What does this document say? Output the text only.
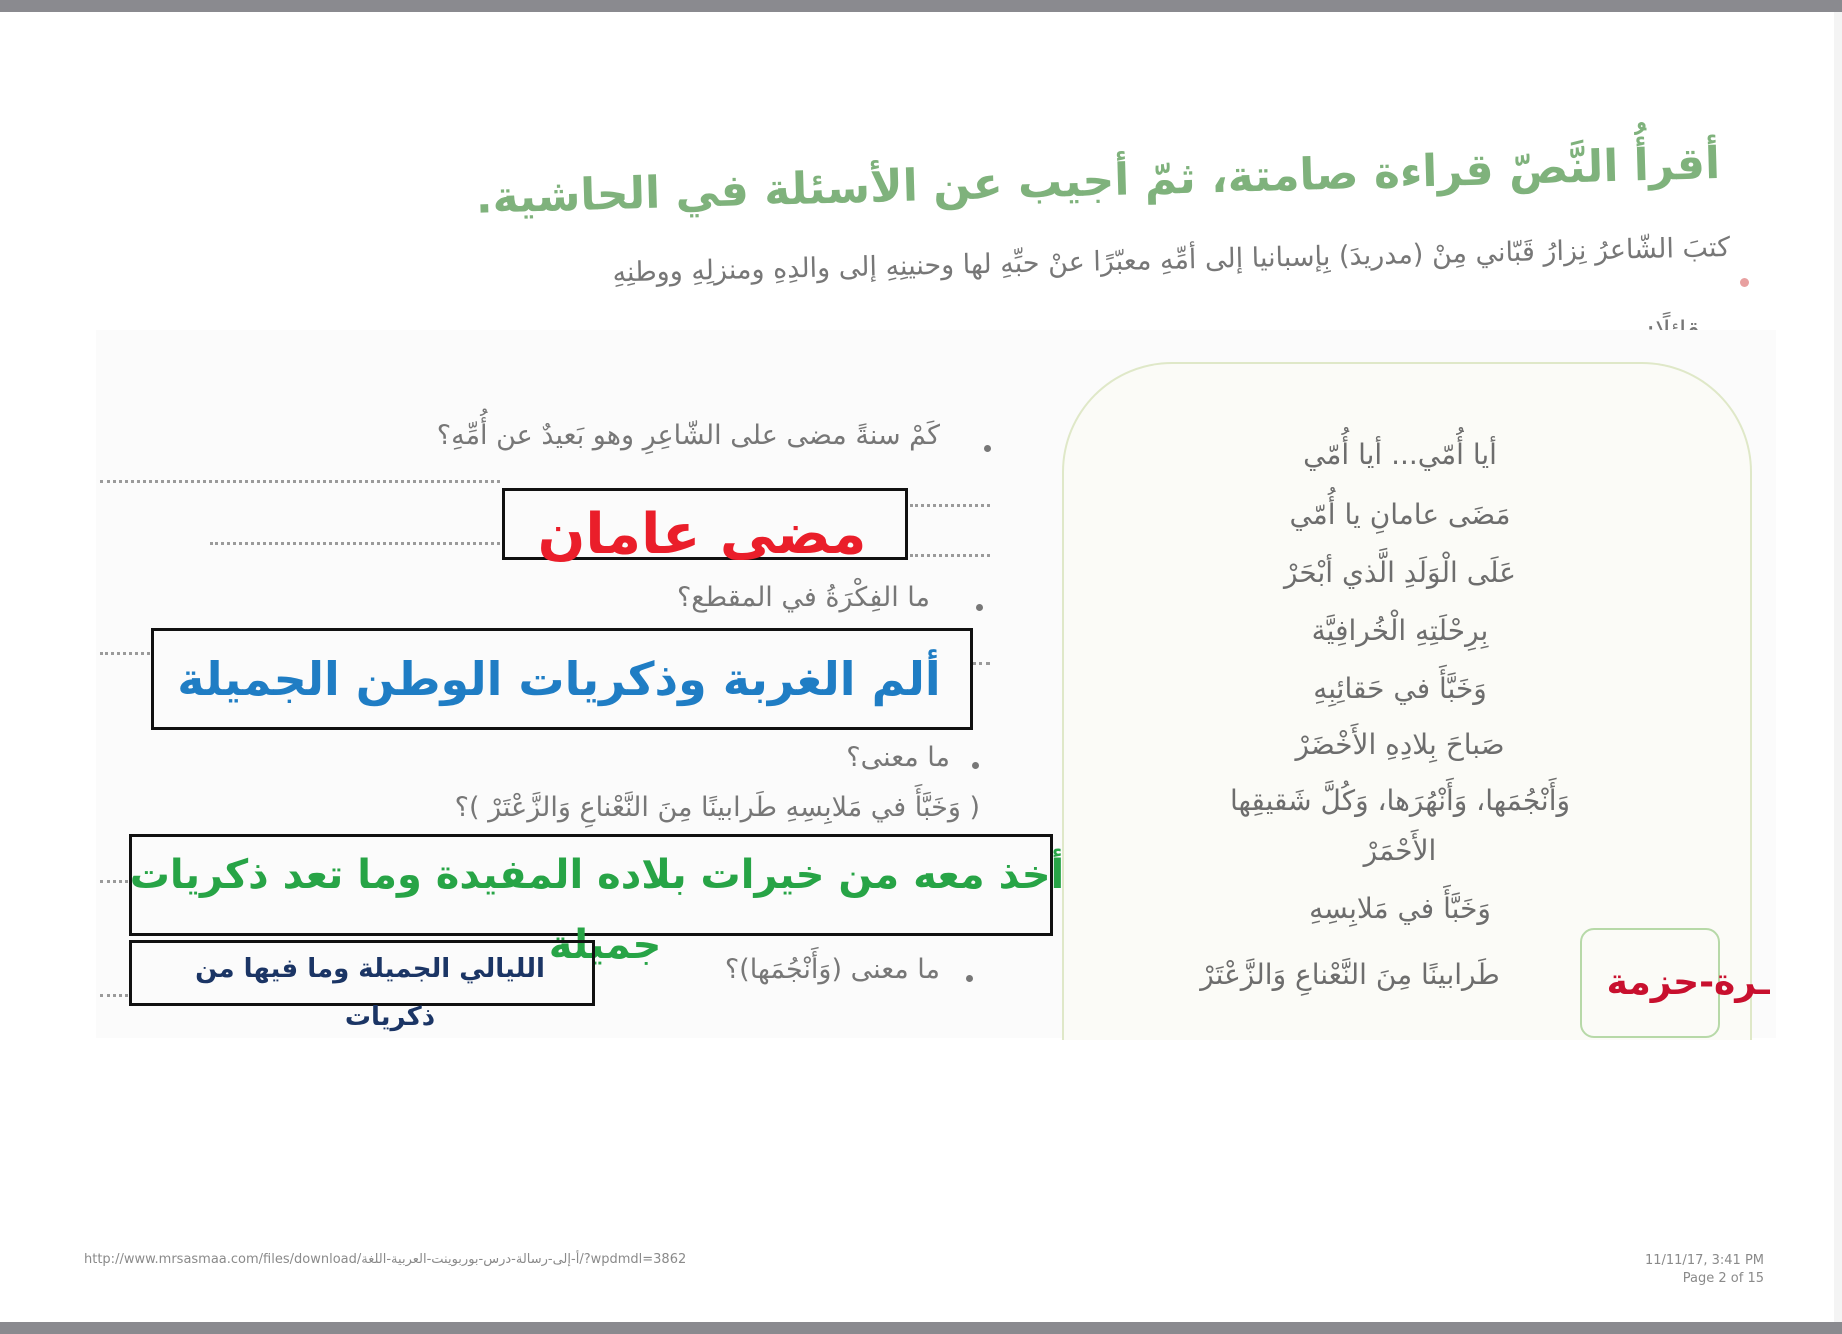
أقرأُ النَّصّ قراءة صامتة، ثمّ أجيب عن الأسئلة في الحاشية.
كتبَ الشّاعرُ نِزارُ قَبّاني مِنْ (مدريدَ) بِإسبانيا إلى أمِّهِ معبّرًا عنْ حبِّهِ لها وحنينِهِ إلى والدِهِ ومنزلِهِ ووطنِهِ
أيا أُمّي... أيا أُمّي
مَضَى عامانِ يا أُمّي
عَلَى الْوَلَدِ الَّذي أبْحَرْ
بِرِحْلَتِهِ الْخُرافِيَّة
وَخَبَّأَ في حَقائِبِهِ
صَباحَ بِلادِهِ الأَخْضَرْ
وَأَنْجُمَها، وَأَنْهُرَها، وَكُلَّ شَقيقِها
الأَحْمَرْ
وَخَبَّأَ في مَلابِسِهِ
طَرابينًا مِنَ النَّعْناعِ وَالزَّعْتَرْ	ـرة-حزمة
كَمْ سنةً مضى على الشّاعِرِ وهو بَعيدٌ عن أُمِّهِ؟
مضى عامان
ما الفِكْرَةُ في المقطع؟
ألم الغربة وذكريات الوطن الجميلة
ما معنى؟
( وَخَبَّأَ في مَلابِسِهِ طَرابينًا مِنَ النَّعْناعِ وَالزَّعْتَرْ )؟
أخذ معه من خيرات بلاده المفيدة وما تعد ذكريات
جميلة
ما معنى (وَأَنْجُمَها)؟
الليالي الجميلة وما فيها من
ذكريات
http://www.mrsasmaa.com/files/download/أ-إلى-رسالة-درس-بوربوينت-العربية-اللغة/?wpdmdl=3862	11/11/17, 3:41 PM
Page 2 of 15
